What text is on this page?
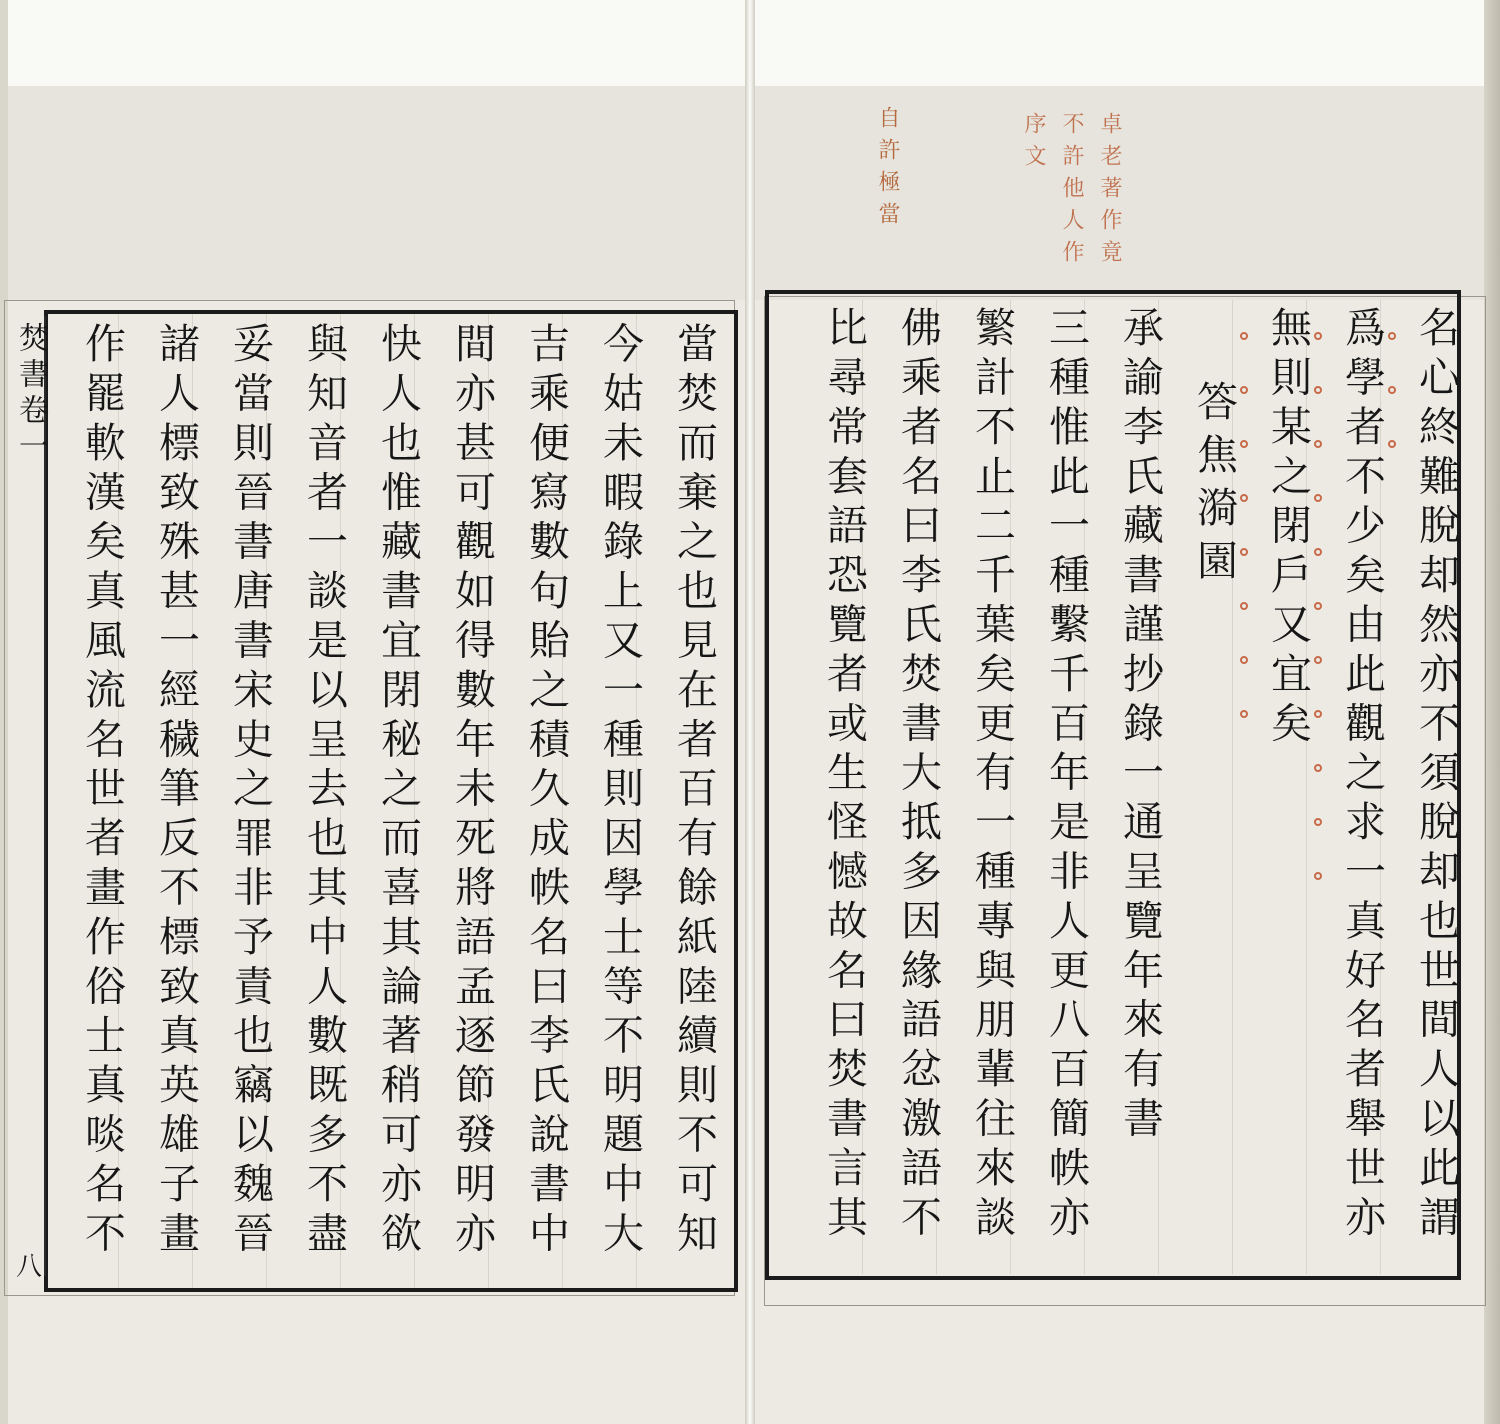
焚書卷一
八
當焚而棄之也見在者百有餘紙陸續則不可知
今姑未暇錄上又一種則因學士等不明題中大
吉乘便寫數句貽之積久成帙名曰李氏說書中
間亦甚可觀如得數年未死將語孟逐節發明亦
快人也惟藏書宜閉秘之而喜其論著稍可亦欲
與知音者一談是以呈去也其中人數既多不盡
妥當則晉書唐書宋史之罪非予責也竊以魏晉
諸人標致殊甚一經穢筆反不標致真英雄子畫
作罷軟漢矣真風流名世者畫作俗士真啖名不
卓老著作竟
不許他人作
序文
自許極當
名心終難脫却然亦不須脫却也世間人以此謂
爲學者不少矣由此觀之求一真好名者舉世亦
無則某之閉戶又宜矣
答焦漪園
承諭李氏藏書謹抄錄一通呈覽年來有書
三種惟此一種繫千百年是非人更八百簡帙亦
繁計不止二千葉矣更有一種專與朋輩往來談
佛乘者名曰李氏焚書大抵多因緣語忿激語不
比尋常套語恐覽者或生怪憾故名曰焚書言其
